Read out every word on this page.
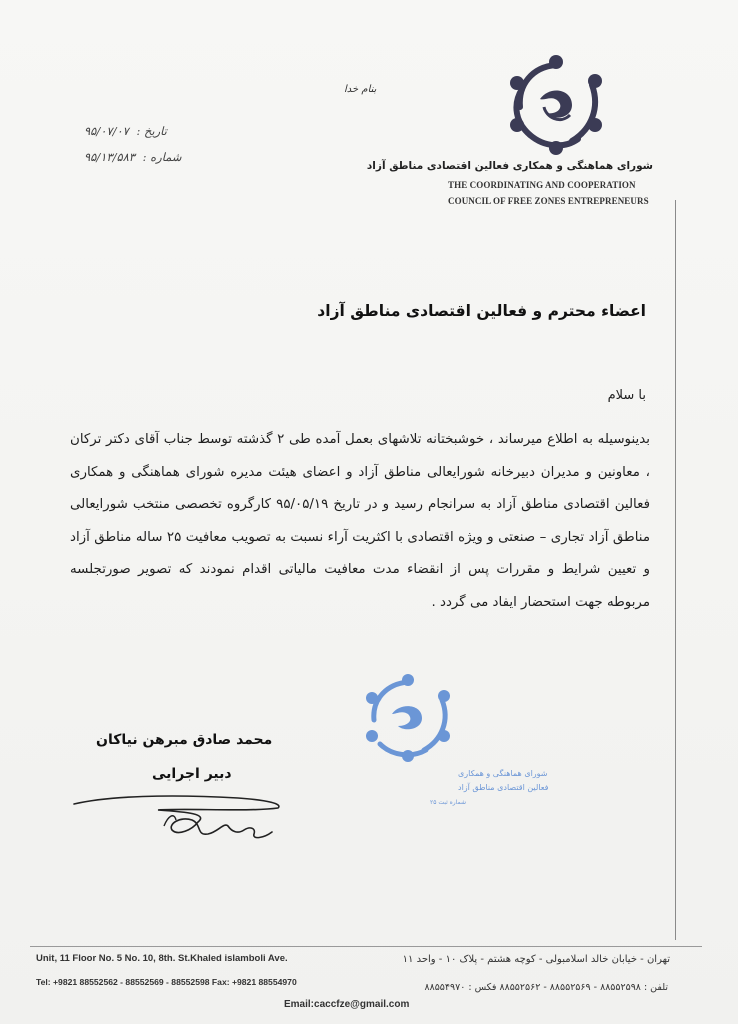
بنام خدا
شورای هماهنگی و همکاری فعالین اقتصادی مناطق آزاد
THE COORDINATING AND COOPERATION
COUNCIL OF FREE ZONES ENTREPRENEURS
تاریخ : ۹۵/۰۷/۰۷
شماره : ۹۵/۱۳/۵۸۳
اعضاء محترم و فعالین اقتصادی مناطق آزاد
با سلام
بدینوسیله به اطلاع میرساند ، خوشبختانه تلاشهای بعمل آمده طی ۲ گذشته توسط جناب آقای دکتر ترکان ، معاونین و مدیران دبیرخانه شورایعالی مناطق آزاد و اعضای هیئت مدیره شورای هماهنگی و همکاری فعالین اقتصادی مناطق آزاد به سرانجام رسید و در تاریخ ۹۵/۰۵/۱۹ کارگروه تخصصی منتخب شورایعالی مناطق آزاد تجاری – صنعتی و ویژه اقتصادی با اکثریت آراء نسبت به تصویب معافیت ۲۵ ساله مناطق آزاد و تعیین شرایط و مقررات پس از انقضاء مدت معافیت مالیاتی اقدام نمودند که تصویر صورتجلسه مربوطه جهت استحضار ایفاد می گردد .
شورای هماهنگی و همکاری
فعالین اقتصادی مناطق آزاد
شماره ثبت ۲۵
محمد صادق مبرهن نیاکان
دبیر اجرایی
Unit, 11 Floor No. 5 No. 10, 8th. St.Khaled islamboli Ave.
Tel: +9821 88552562 - 88552569 - 88552598 Fax: +9821 88554970
تهران - خیابان خالد اسلامبولی - کوچه هشتم - پلاک ۱۰ - واحد ۱۱
تلفن : ۸۸۵۵۲۵۹۸ - ۸۸۵۵۲۵۶۹ - ۸۸۵۵۲۵۶۲ فکس : ۸۸۵۵۴۹۷۰
Email:caccfze@gmail.com
